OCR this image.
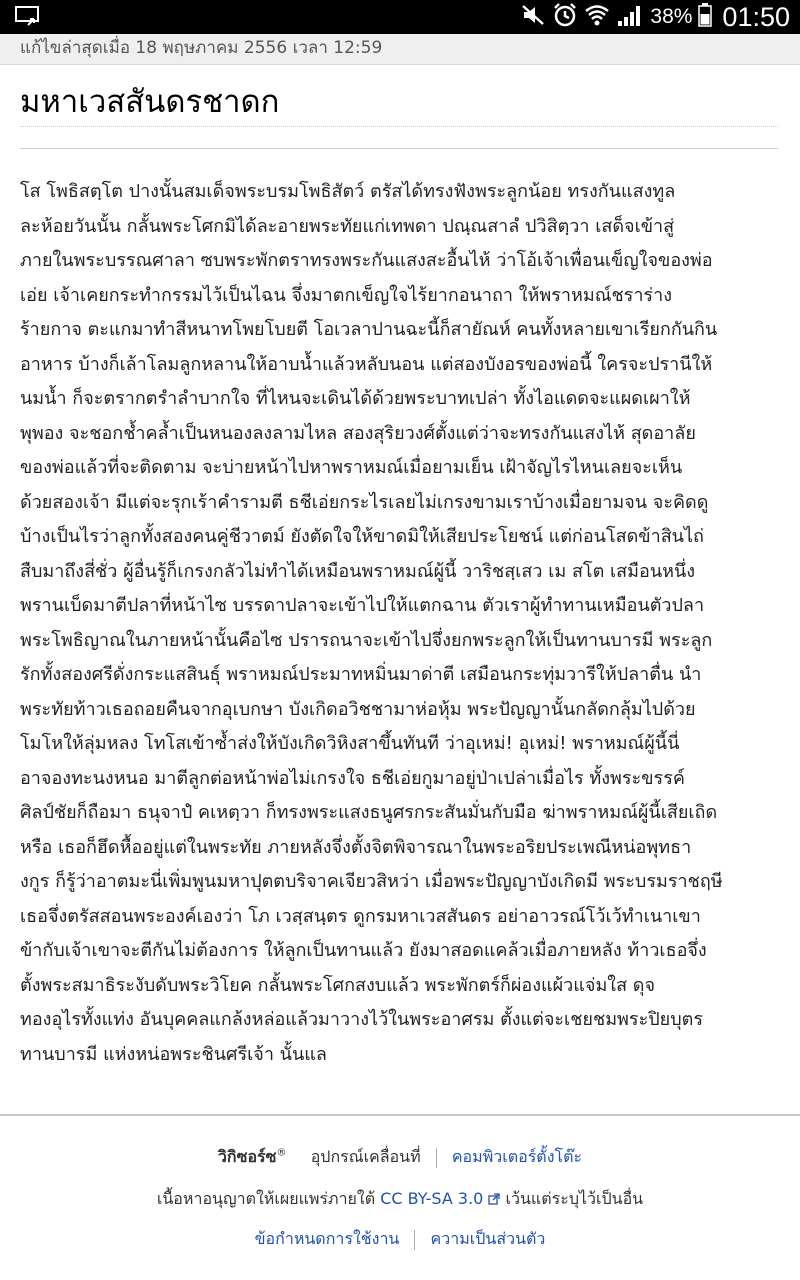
38% 01:50
แก้ไขล่าสุดเมื่อ 18 พฤษภาคม 2556 เวลา 12:59
มหาเวสสันดรชาดก
โส โพธิสตฺโต ปางนั้นสมเด็จพระบรมโพธิสัตว์ ตรัสได้ทรงฟังพระลูกน้อย ทรงกันแสงทูล
ละห้อยวันนั้น กลั้นพระโศกมิได้ละอายพระทัยแก่เทพดา ปณฺณสาลํ ปวิสิตฺวา เสด็จเข้าสู่
ภายในพระบรรณศาลา ซบพระพักตราทรงพระกันแสงสะอื้นไห้ ว่าโอ้เจ้าเพื่อนเข็ญใจของพ่อ
เอ่ย เจ้าเคยกระทำกรรมไว้เป็นไฉน จึ่งมาตกเข็ญใจไร้ยากอนาถา ให้พราหมณ์ชราร่าง
ร้ายกาจ ตะแกมาทำสีหนาทโพยโบยตี โอเวลาปานฉะนี้ก็สายัณห์ คนทั้งหลายเขาเรียกกันกิน
อาหาร บ้างก็เล้าโลมลูกหลานให้อาบน้ำแล้วหลับนอน แต่สองบังอรของพ่อนี้ ใครจะปรานีให้
นมน้ำ ก็จะตรากตรำลำบากใจ ที่ไหนจะเดินได้ด้วยพระบาทเปล่า ทั้งไอแดดจะแผดเผาให้
พุพอง จะชอกช้ำคล้ำเป็นหนองลงลามไหล สองสุริยวงศ์ตั้งแต่ว่าจะทรงกันแสงไห้ สุดอาลัย
ของพ่อแล้วที่จะติดตาม จะบ่ายหน้าไปหาพราหมณ์เมื่อยามเย็น เฝ้าจัญไรไหนเลยจะเห็น
ด้วยสองเจ้า มีแต่จะรุกเร้าคำรามตี ธชีเอ่ยกระไรเลยไม่เกรงขามเราบ้างเมื่อยามจน จะคิดดู
บ้างเป็นไรว่าลูกทั้งสองคนคู่ชีวาตม์ ยังตัดใจให้ขาดมิให้เสียประโยชน์ แต่ก่อนโสดข้าสินไถ่
สืบมาถึงสี่ชั่ว ผู้อื่นรู้ก็เกรงกลัวไม่ทำได้เหมือนพราหมณ์ผู้นี้ วาริชสฺเสว เม สโต เสมือนหนึ่ง
พรานเบ็ดมาตีปลาที่หน้าไซ บรรดาปลาจะเข้าไปให้แตกฉาน ตัวเราผู้ทำทานเหมือนตัวปลา
พระโพธิญาณในภายหน้านั้นคือไซ ปรารถนาจะเข้าไปจึ่งยกพระลูกให้เป็นทานบารมี พระลูก
รักทั้งสองศรีดั่งกระแสสินธุ์ พราหมณ์ประมาทหมิ่นมาด่าตี เสมือนกระทุ่มวารีให้ปลาตื่น นำ
พระทัยท้าวเธอถอยคืนจากอุเบกษา บังเกิดอวิชชามาห่อหุ้ม พระปัญญานั้นกลัดกลุ้มไปด้วย
โมโหให้ลุ่มหลง โทโสเข้าซ้ำส่งให้บังเกิดวิหิงสาขึ้นทันที ว่าอุเหม่! อุเหม่! พราหมณ์ผู้นี้นี่
อาจองทะนงหนอ มาตีลูกต่อหน้าพ่อไม่เกรงใจ ธชีเอ่ยกูมาอยู่ป่าเปล่าเมื่อไร ทั้งพระขรรค์
ศิลป์ชัยก็ถือมา ธนุจาปํ คเหตฺวา ก็ทรงพระแสงธนูศรกระสันมั่นกับมือ ฆ่าพราหมณ์ผู้นี้เสียเถิด
หรือ เธอก็ฮึดหื้ออยู่แต่ในพระทัย ภายหลังจึ่งตั้งจิตพิจารณาในพระอริยประเพณีหน่อพุทธา
งกูร ก็รู้ว่าอาตมะนี่เพิ่มพูนมหาปุตตบริจาคเจียวสิหว่า เมื่อพระปัญญาบังเกิดมี พระบรมราชฤษี
เธอจึ่งตรัสสอนพระองค์เองว่า โภ เวสฺสนฺตร ดูกรมหาเวสสันดร อย่าอาวรณ์โว้เว้ทำเนาเขา
ข้ากับเจ้าเขาจะตีกันไม่ต้องการ ให้ลูกเป็นทานแล้ว ยังมาสอดแคล้วเมื่อภายหลัง ท้าวเธอจึ่ง
ตั้งพระสมาธิระงับดับพระวิโยค กลั้นพระโศกสงบแล้ว พระพักตร์ก็ผ่องแผ้วแจ่มใส ดุจ
ทองอุไรทั้งแท่ง อันบุคคลแกล้งหล่อแล้วมาวางไว้ในพระอาศรม ตั้งแต่จะเชยชมพระปิยบุตร
ทานบารมี แห่งหน่อพระชินศรีเจ้า นั้นแล
วิกิซอร์ซ® อุปกรณ์เคลื่อนที่ คอมพิวเตอร์ตั้งโต๊ะ
เนื้อหาอนุญาตให้เผยแพร่ภายใต้ CC BY-SA 3.0 เว้นแต่ระบุไว้เป็นอื่น
ข้อกำหนดการใช้งาน ความเป็นส่วนตัว
